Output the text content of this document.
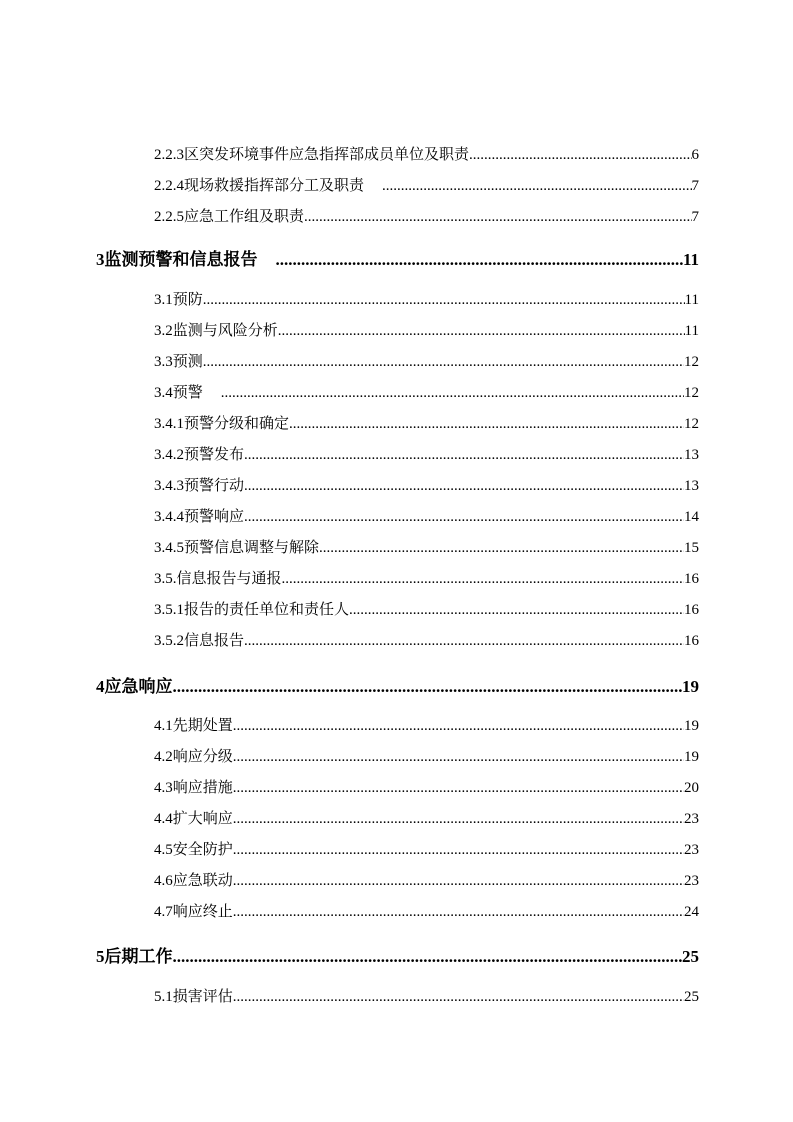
2.2.3 区突发环境事件应急指挥部成员单位及职责 .....	6
2.2.4 现场救援指挥部分工及职责 .....	7
2.2.5 应急工作组及职责 .....	7
3 监测预警和信息报告 .....	11
3.1 预防 .....	11
3.2 监测与风险分析 .....	11
3.3 预测 .....	12
3.4 预警 .....	12
3.4.1 预警分级和确定 .....	12
3.4.2 预警发布 .....	13
3.4.3 预警行动 .....	13
3.4.4 预警响应 .....	14
3.4.5 预警信息调整与解除 .....	15
3.5. 信息报告与通报 .....	16
3.5.1 报告的责任单位和责任人 .....	16
3.5.2 信息报告 .....	16
4 应急响应 .....	19
4.1 先期处置 .....	19
4.2 响应分级 .....	19
4.3 响应措施 .....	20
4.4 扩大响应 .....	23
4.5 安全防护 .....	23
4.6 应急联动 .....	23
4.7 响应终止 .....	24
5 后期工作 .....	25
5.1 损害评估 .....	25
